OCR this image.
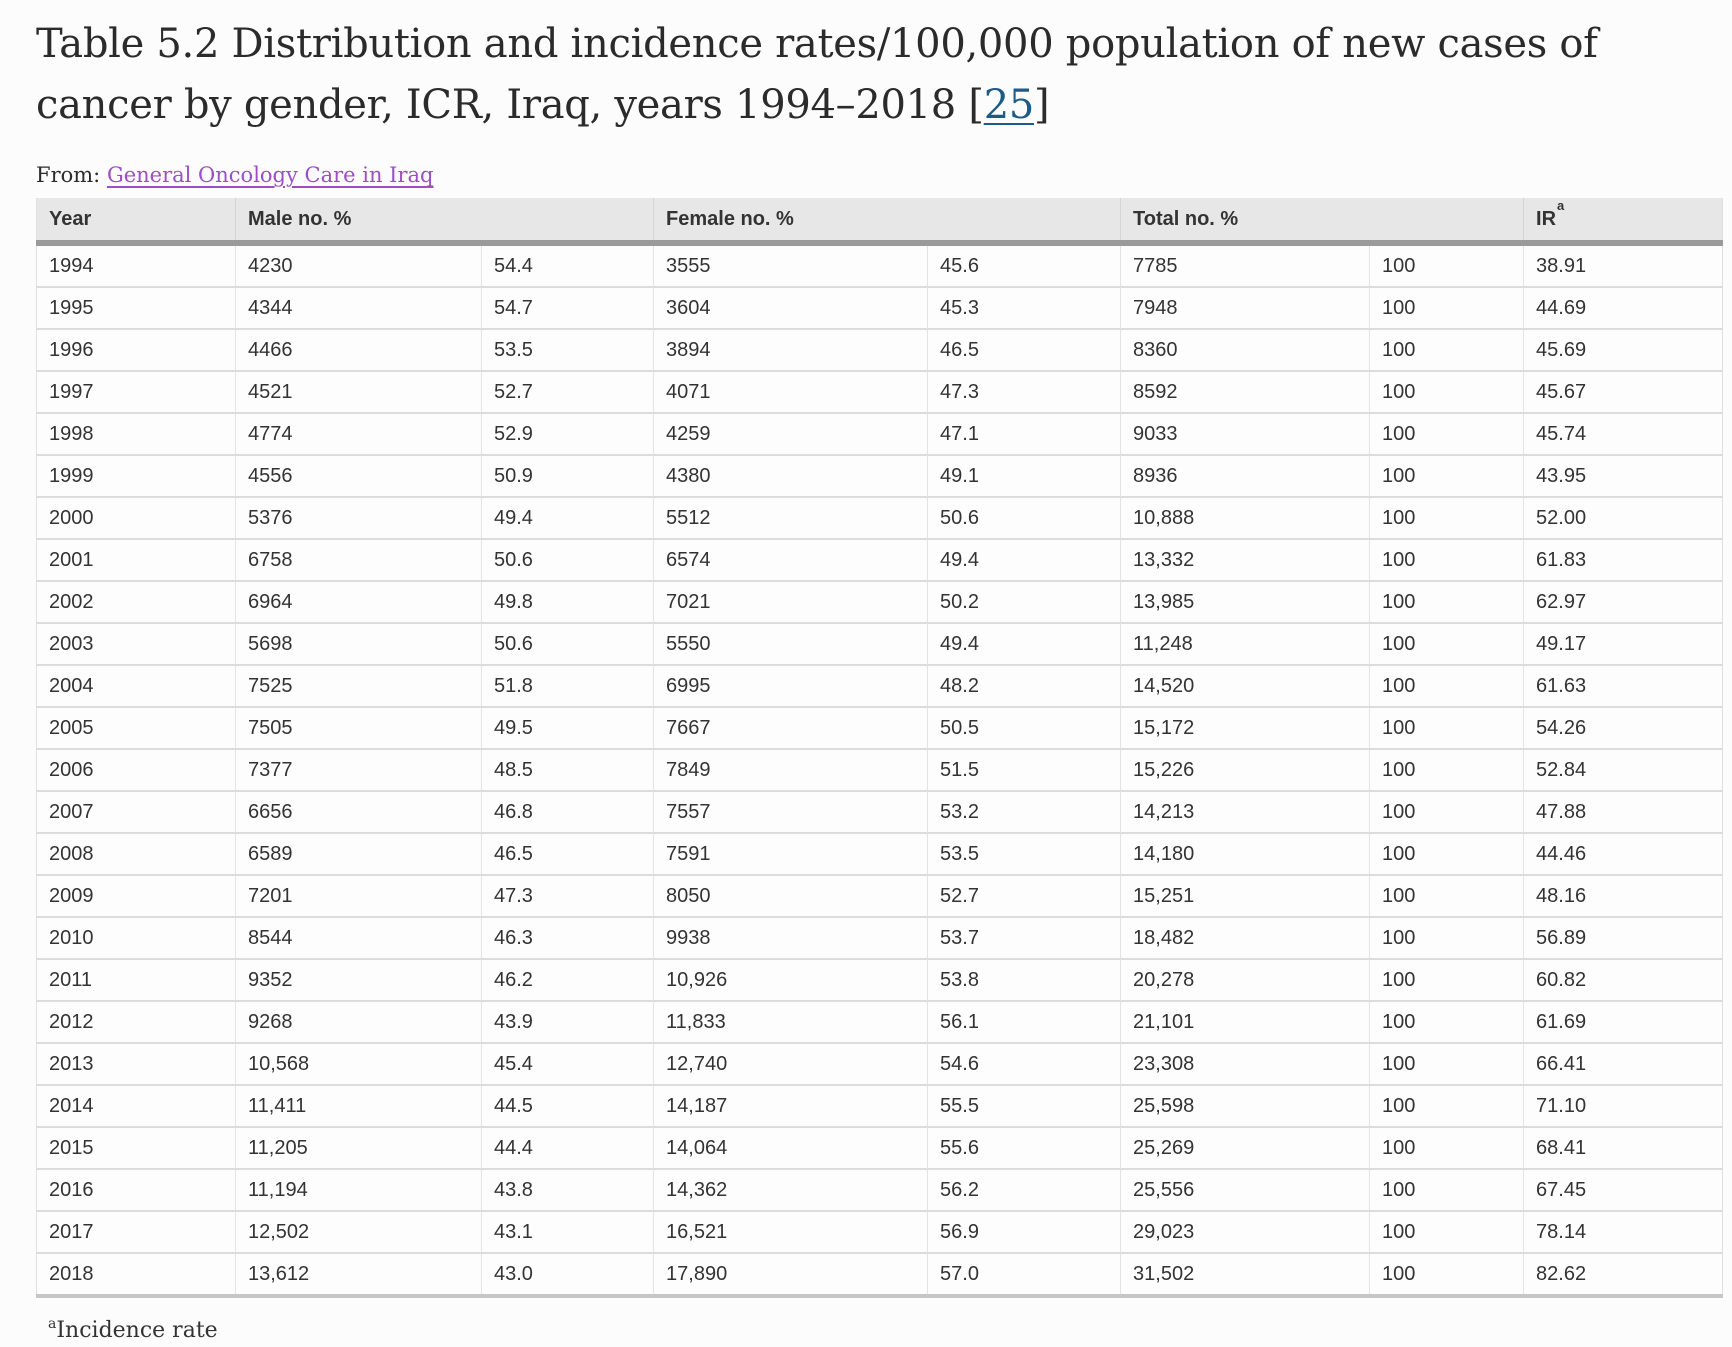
Table 5.2 Distribution and incidence rates/100,000 population of new cases of
cancer by gender, ICR, Iraq, years 1994–2018 [25]

From: General Oncology Care in Iraq

Year	Male no. %		Female no. %		Total no. %		$IR^a$
1994	4230	54.4	3555	45.6	7785	100	38.91
1995	4344	54.7	3604	45.3	7948	100	44.69
1996	4466	53.5	3894	46.5	8360	100	45.69
1997	4521	52.7	4071	47.3	8592	100	45.67
1998	4774	52.9	4259	47.1	9033	100	45.74
1999	4556	50.9	4380	49.1	8936	100	43.95
2000	5376	49.4	5512	50.6	10,888	100	52.00
2001	6758	50.6	6574	49.4	13,332	100	61.83
2002	6964	49.8	7021	50.2	13,985	100	62.97
2003	5698	50.6	5550	49.4	11,248	100	49.17
2004	7525	51.8	6995	48.2	14,520	100	61.63
2005	7505	49.5	7667	50.5	15,172	100	54.26
2006	7377	48.5	7849	51.5	15,226	100	52.84
2007	6656	46.8	7557	53.2	14,213	100	47.88
2008	6589	46.5	7591	53.5	14,180	100	44.46
2009	7201	47.3	8050	52.7	15,251	100	48.16
2010	8544	46.3	9938	53.7	18,482	100	56.89
2011	9352	46.2	10,926	53.8	20,278	100	60.82
2012	9268	43.9	11,833	56.1	21,101	100	61.69
2013	10,568	45.4	12,740	54.6	23,308	100	66.41
2014	11,411	44.5	14,187	55.5	25,598	100	71.10
2015	11,205	44.4	14,064	55.6	25,269	100	68.41
2016	11,194	43.8	14,362	56.2	25,556	100	67.45
2017	12,502	43.1	16,521	56.9	29,023	100	78.14
2018	13,612	43.0	17,890	57.0	31,502	100	82.62

$^a$Incidence rate
